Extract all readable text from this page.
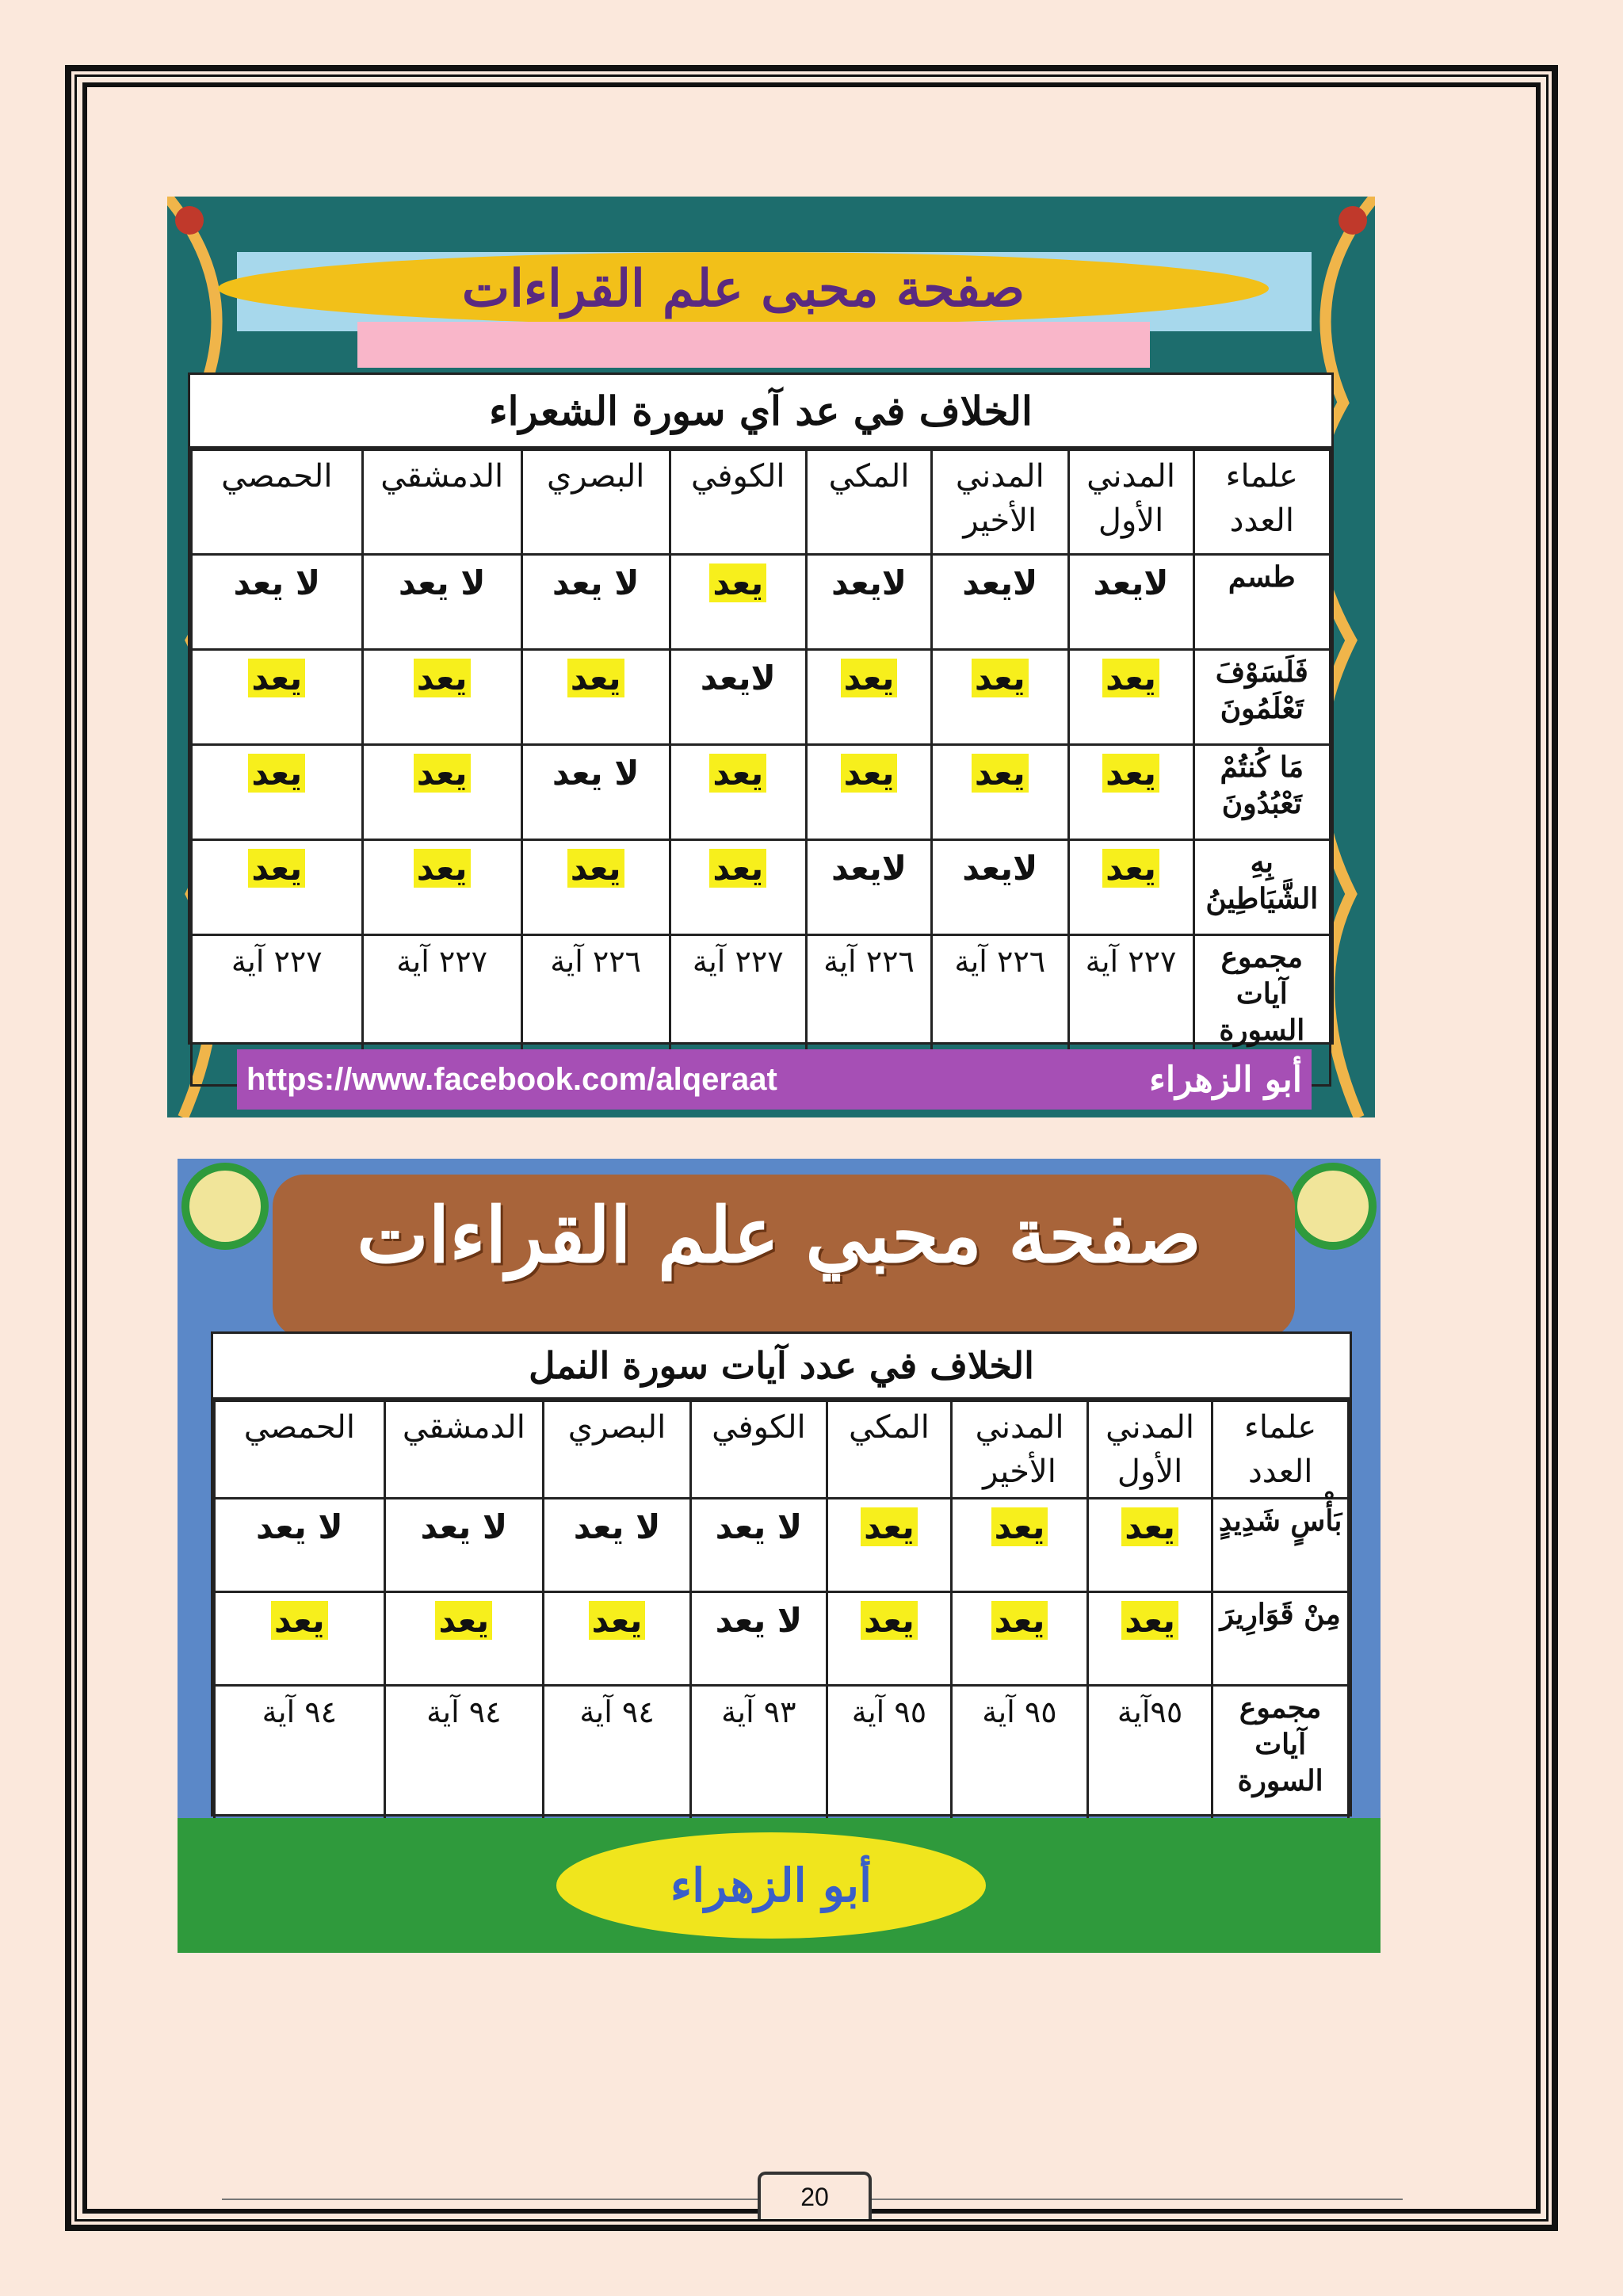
صفحة محبى علم القراءات
الخلاف في عد آي سورة الشعراء
علماء العدد	المدني الأول	المدني الأخير	المكي	الكوفي	البصري	الدمشقي	الحمصي
طسم	لايعد	لايعد	لايعد	يعد	لا يعد	لا يعد	لا يعد
فَلَسَوْفَ تَعْلَمُونَ	يعد	يعد	يعد	لايعد	يعد	يعد	يعد
مَا كُنتُمْ تَعْبُدُونَ	يعد	يعد	يعد	يعد	لا يعد	يعد	يعد
بِهِ الشَّيَاطِينُ	يعد	لايعد	لايعد	يعد	يعد	يعد	يعد
مجموع آيات السورة	٢٢٧ آية	٢٢٦ آية	٢٢٦ آية	٢٢٧ آية	٢٢٦ آية	٢٢٧ آية	٢٢٧ آية
https://www.facebook.com/alqeraat	أبو الزهراء
صفحة محبي علم القراءات
الخلاف في عدد آيات سورة النمل
علماء العدد	المدني الأول	المدني الأخير	المكي	الكوفي	البصري	الدمشقي	الحمصي
بَأْسٍ شَدِيدٍ	يعد	يعد	يعد	لا يعد	لا يعد	لا يعد	لا يعد
مِنْ قَوَارِيرَ	يعد	يعد	يعد	لا يعد	يعد	يعد	يعد
مجموع آيات السورة	٩٥آية	٩٥ آية	٩٥ آية	٩٣ آية	٩٤ آية	٩٤ آية	٩٤ آية
أبو الزهراء
20
